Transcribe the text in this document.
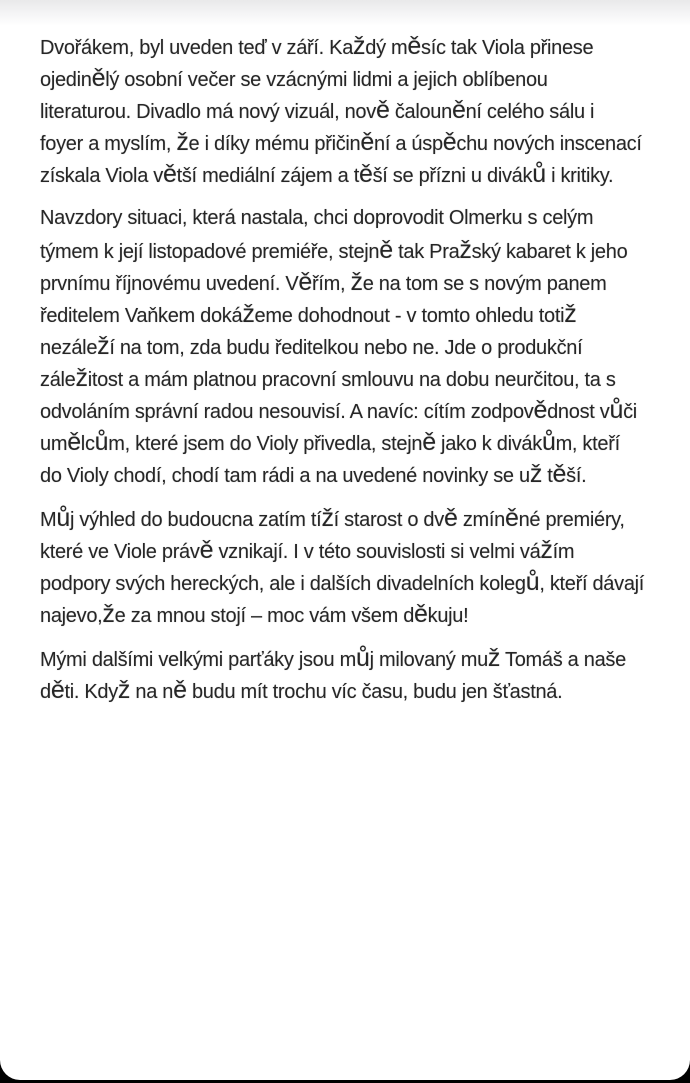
Dvořákem, byl uveden teď v září. Každý měsíc tak Viola přinese
ojedinělý osobní večer se vzácnými lidmi a jejich oblíbenou
literaturou. Divadlo má nový vizuál, nově čalounění celého sálu i
foyer a myslím, že i díky mému přičinění a úspěchu nových inscenací
získala Viola větší mediální zájem a těší se přízni u diváků i kritiky.
Navzdory situaci, která nastala, chci doprovodit Olmerku s celým
týmem k její listopadové premiéře, stejně tak Pražský kabaret k jeho
prvnímu říjnovému uvedení. Věřím, že na tom se s novým panem
ředitelem Vaňkem dokážeme dohodnout - v tomto ohledu totiž
nezáleží na tom, zda budu ředitelkou nebo ne. Jde o produkční
záležitost a mám platnou pracovní smlouvu na dobu neurčitou, ta s
odvoláním správní radou nesouvisí. A navíc: cítím zodpovědnost vůči
umělcům, které jsem do Violy přivedla, stejně jako k divákům, kteří
do Violy chodí, chodí tam rádi a na uvedené novinky se už těší.
Můj výhled do budoucna zatím tíží starost o dvě zmíněné premiéry,
které ve Viole právě vznikají. I v této souvislosti si velmi vážím
podpory svých hereckých, ale i dalších divadelních kolegů, kteří dávají
najevo,že za mnou stojí – moc vám všem děkuju!
Mými dalšími velkými parťáky jsou můj milovaný muž Tomáš a naše
děti. Když na ně budu mít trochu víc času, budu jen šťastná.
